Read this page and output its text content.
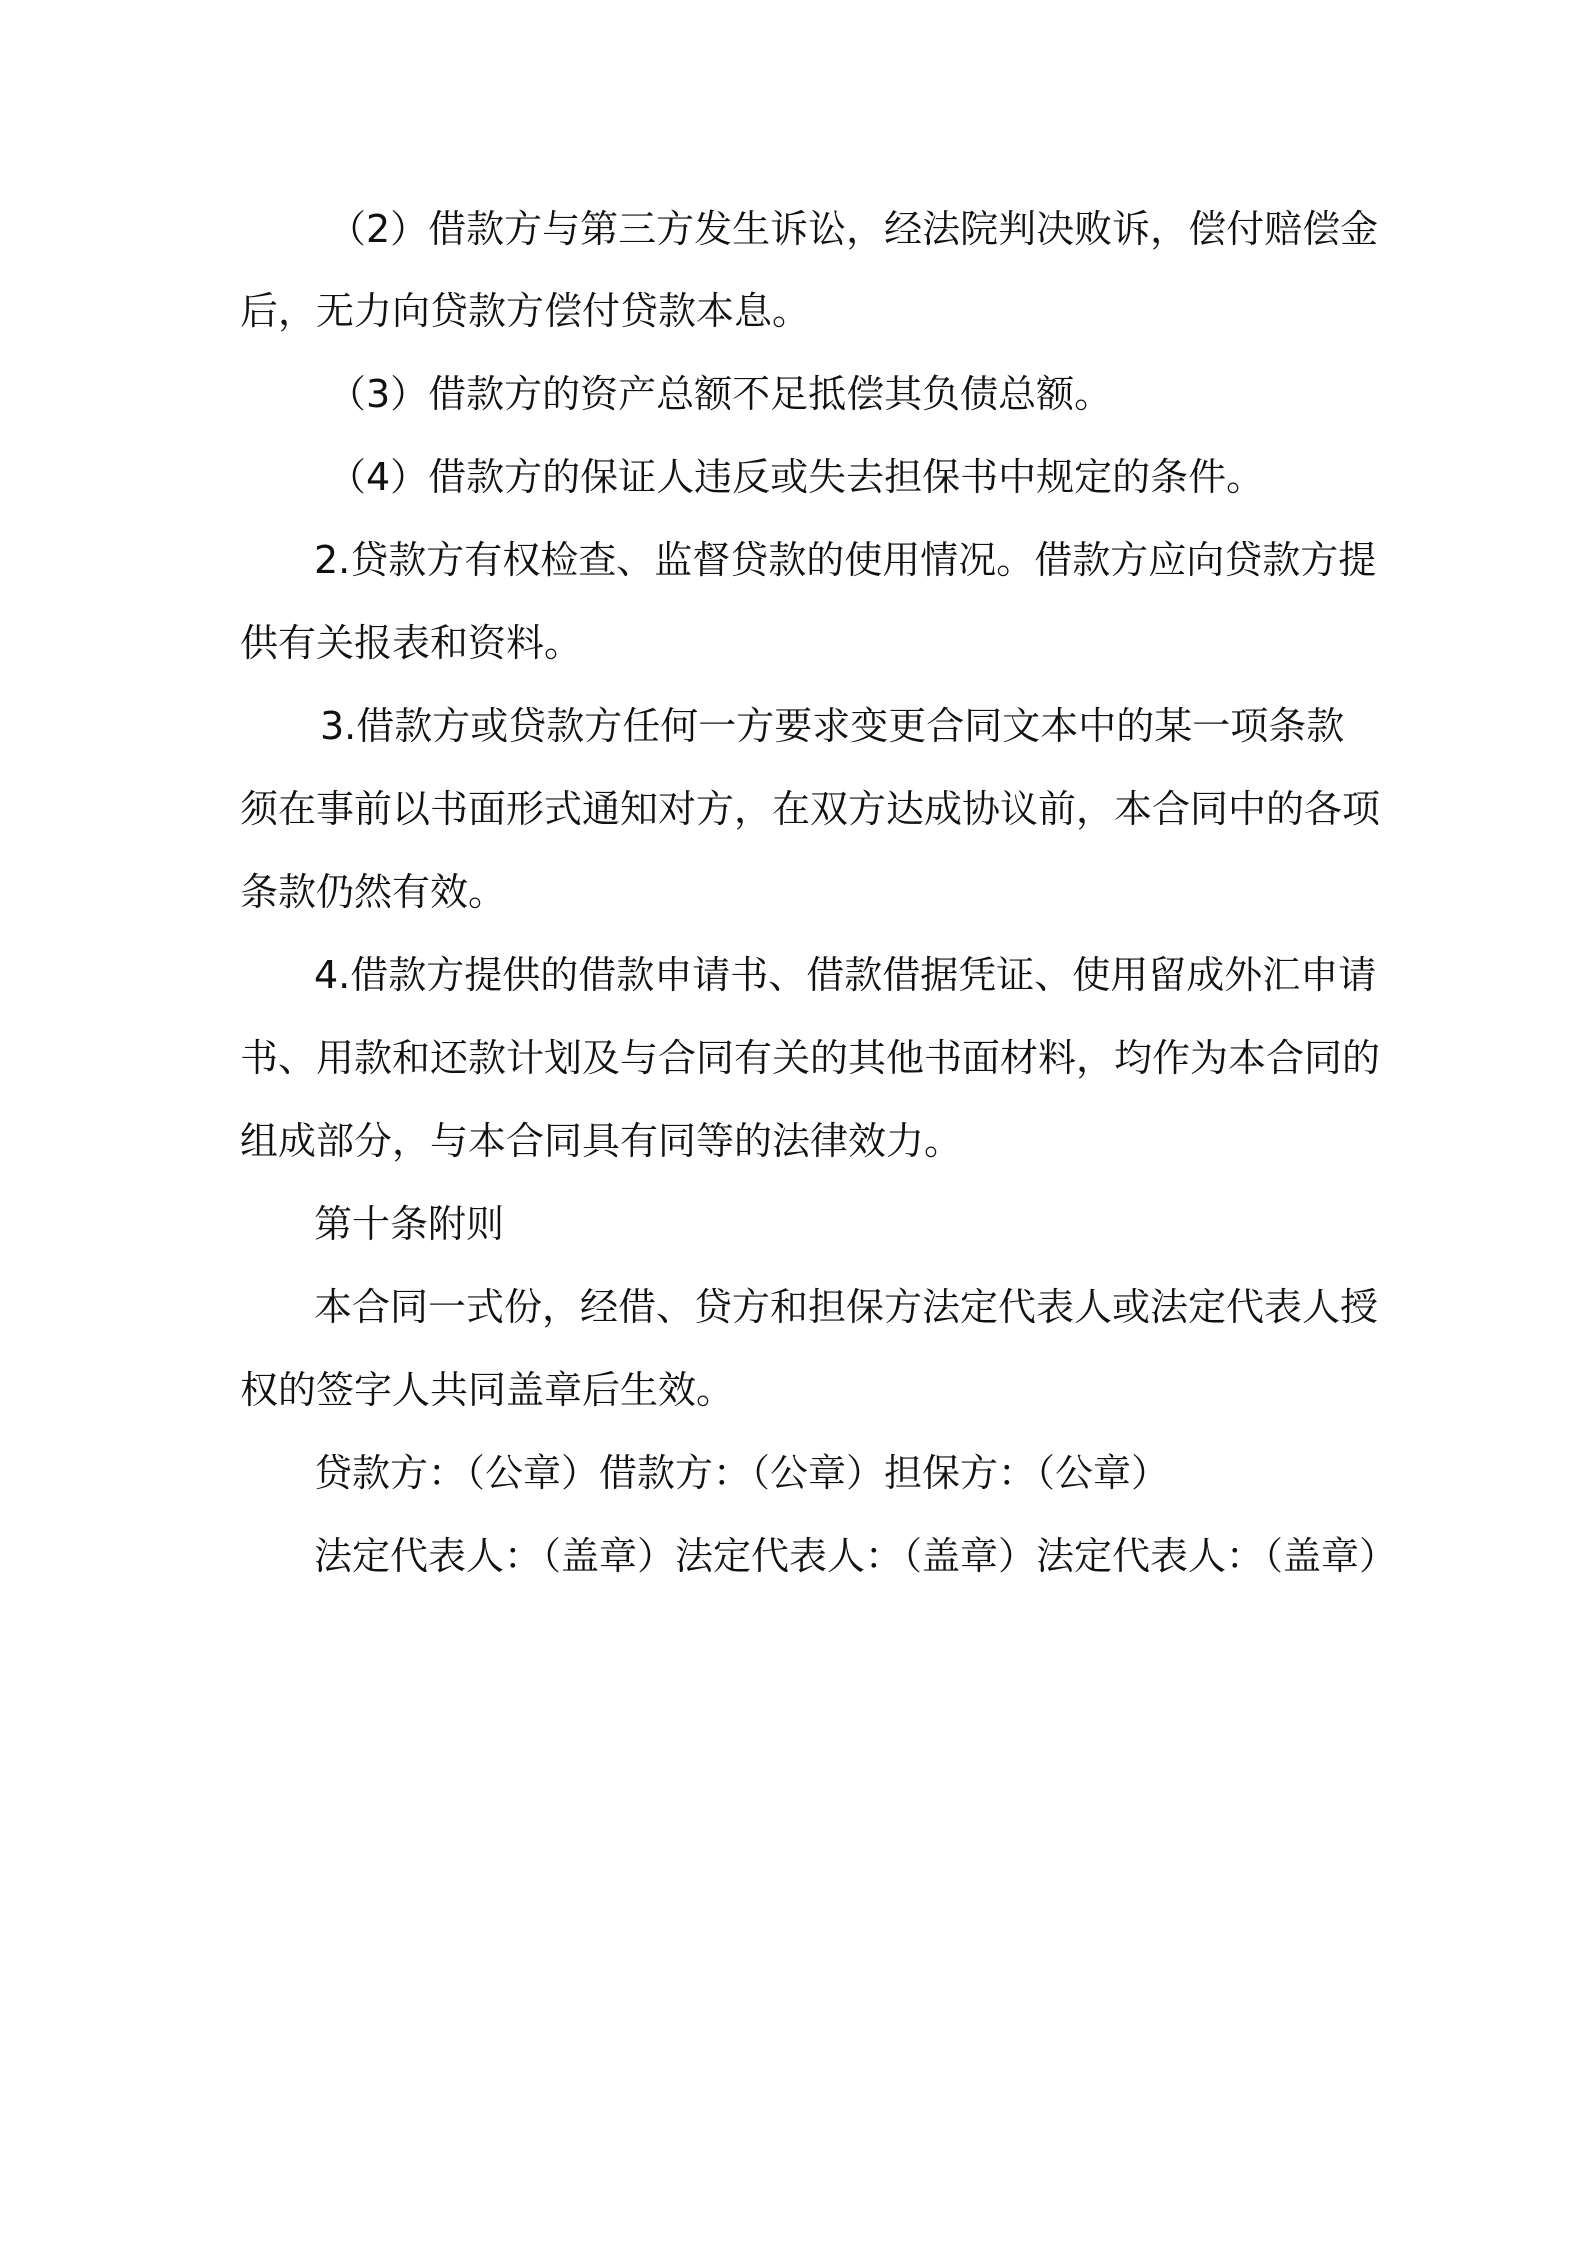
（2）借款方与第三方发生诉讼，经法院判决败诉，偿付赔偿金

后，无力向贷款方偿付贷款本息。

（3）借款方的资产总额不足抵偿其负债总额。

（4）借款方的保证人违反或失去担保书中规定的条件。

2.贷款方有权检查、监督贷款的使用情况。借款方应向贷款方提

供有关报表和资料。

3.借款方或贷款方任何一方要求变更合同文本中的某一项条款

须在事前以书面形式通知对方，在双方达成协议前，本合同中的各项

条款仍然有效。

4.借款方提供的借款申请书、借款借据凭证、使用留成外汇申请

书、用款和还款计划及与合同有关的其他书面材料，均作为本合同的

组成部分，与本合同具有同等的法律效力。

第十条附则

本合同一式份，经借、贷方和担保方法定代表人或法定代表人授

权的签字人共同盖章后生效。

贷款方：（公章）借款方：（公章）担保方：（公章）

法定代表人：（盖章）法定代表人：（盖章）法定代表人：（盖章）
